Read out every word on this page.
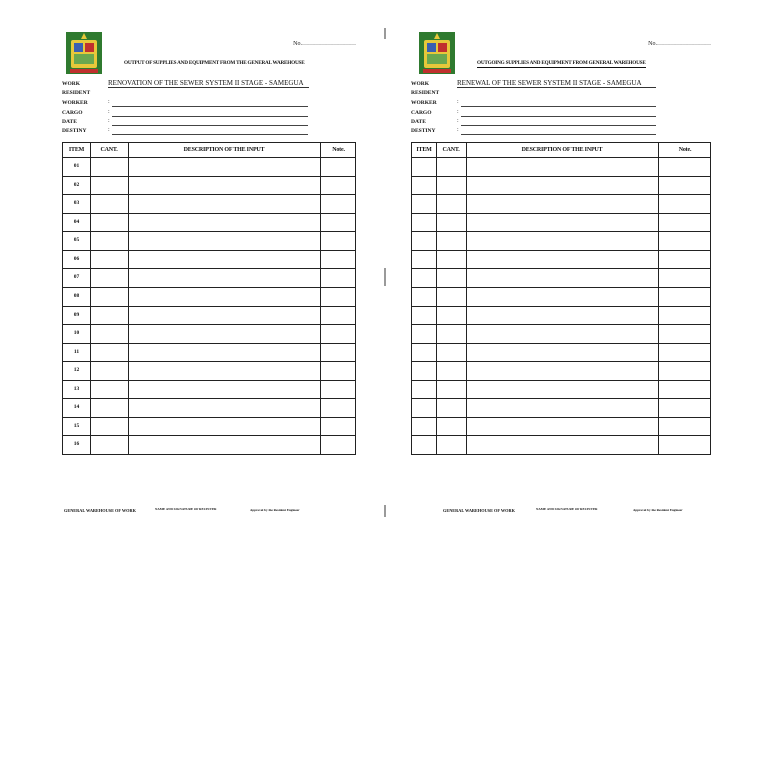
No.………………………
OUTPUT OF SUPPLIES AND EQUIPMENT FROM THE GENERAL WAREHOUSE
WORK	RENOVATION OF THE SEWER SYSTEM II STAGE - SAMEGUA
RESIDENT
WORKER	:
CARGO	:
DATE	:
DESTINY	:
ITEM	CANT.	DESCRIPTION OF THE INPUT	Note.
01
02
03
04
05
06
07
08
09
10
11
12
13
14
15
16
GENERAL WAREHOUSE OF WORK	NAME AND SIGNATURE OF RECEIVER	Approval by the Resident Engineer
No.………………………
OUTGOING SUPPLIES AND EQUIPMENT FROM GENERAL WAREHOUSE
WORK	RENEWAL OF THE SEWER SYSTEM II STAGE - SAMEGUA
RESIDENT
WORKER	:
CARGO	:
DATE	:
DESTINY	:
ITEM	CANT.	DESCRIPTION OF THE INPUT	Note.
GENERAL WAREHOUSE OF WORK	NAME AND SIGNATURE OF RECEIVER	Approval by the Resident Engineer
